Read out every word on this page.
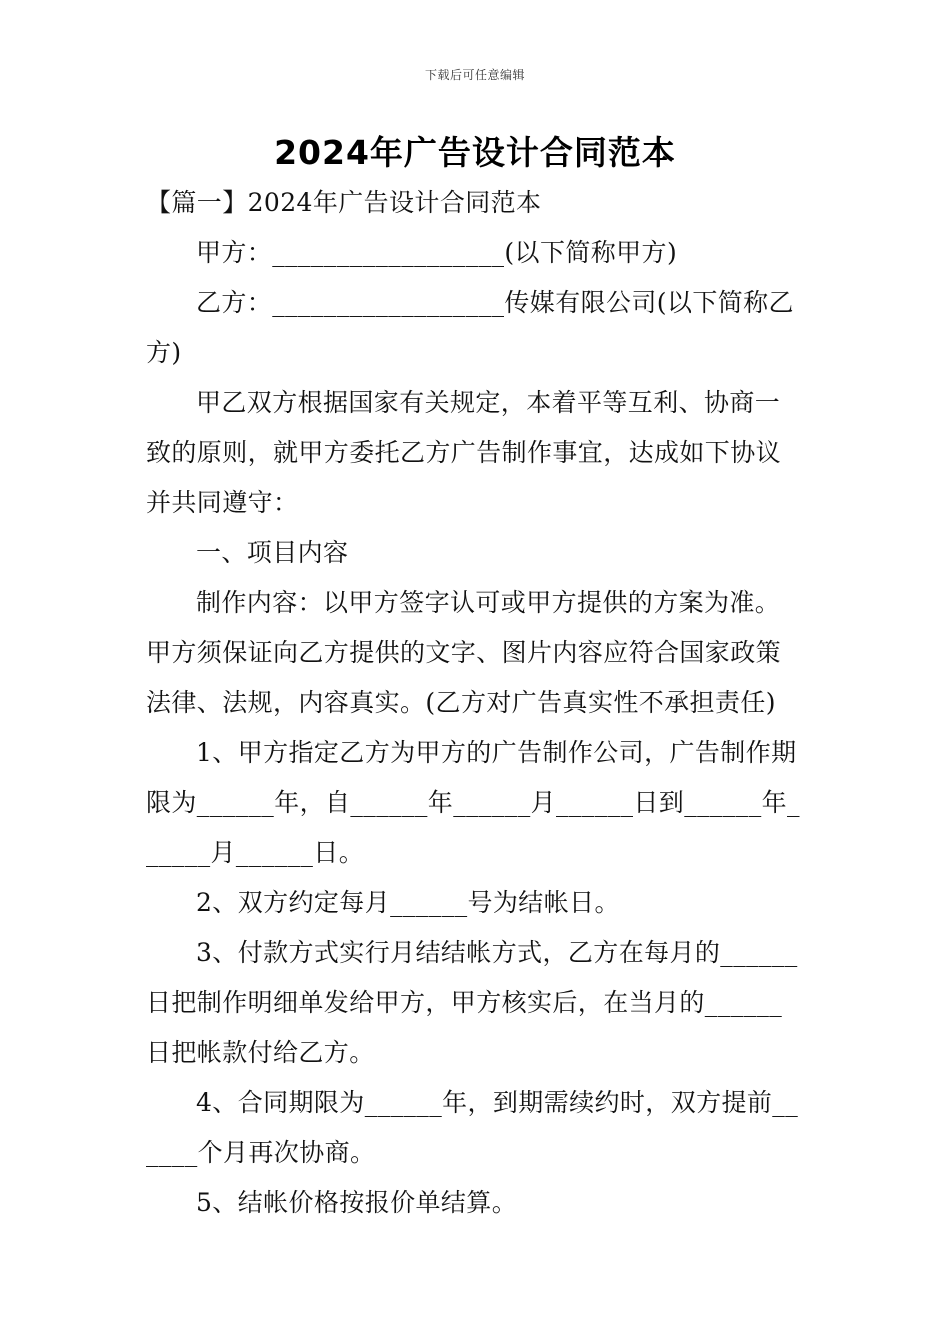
下载后可任意编辑
2024年广告设计合同范本
【篇一】2024年广告设计合同范本
甲方：__________________(以下简称甲方)
乙方：__________________传媒有限公司(以下简称乙
方)
甲乙双方根据国家有关规定，本着平等互利、协商一
致的原则，就甲方委托乙方广告制作事宜，达成如下协议
并共同遵守：
一、项目内容
制作内容：以甲方签字认可或甲方提供的方案为准。
甲方须保证向乙方提供的文字、图片内容应符合国家政策
法律、法规，内容真实。(乙方对广告真实性不承担责任)
1、甲方指定乙方为甲方的广告制作公司，广告制作期
限为______年，自______年______月______日到______年_
_____月______日。
2、双方约定每月______号为结帐日。
3、付款方式实行月结结帐方式，乙方在每月的______
日把制作明细单发给甲方，甲方核实后，在当月的______
日把帐款付给乙方。
4、合同期限为______年，到期需续约时，双方提前__
____个月再次协商。
5、结帐价格按报价单结算。
